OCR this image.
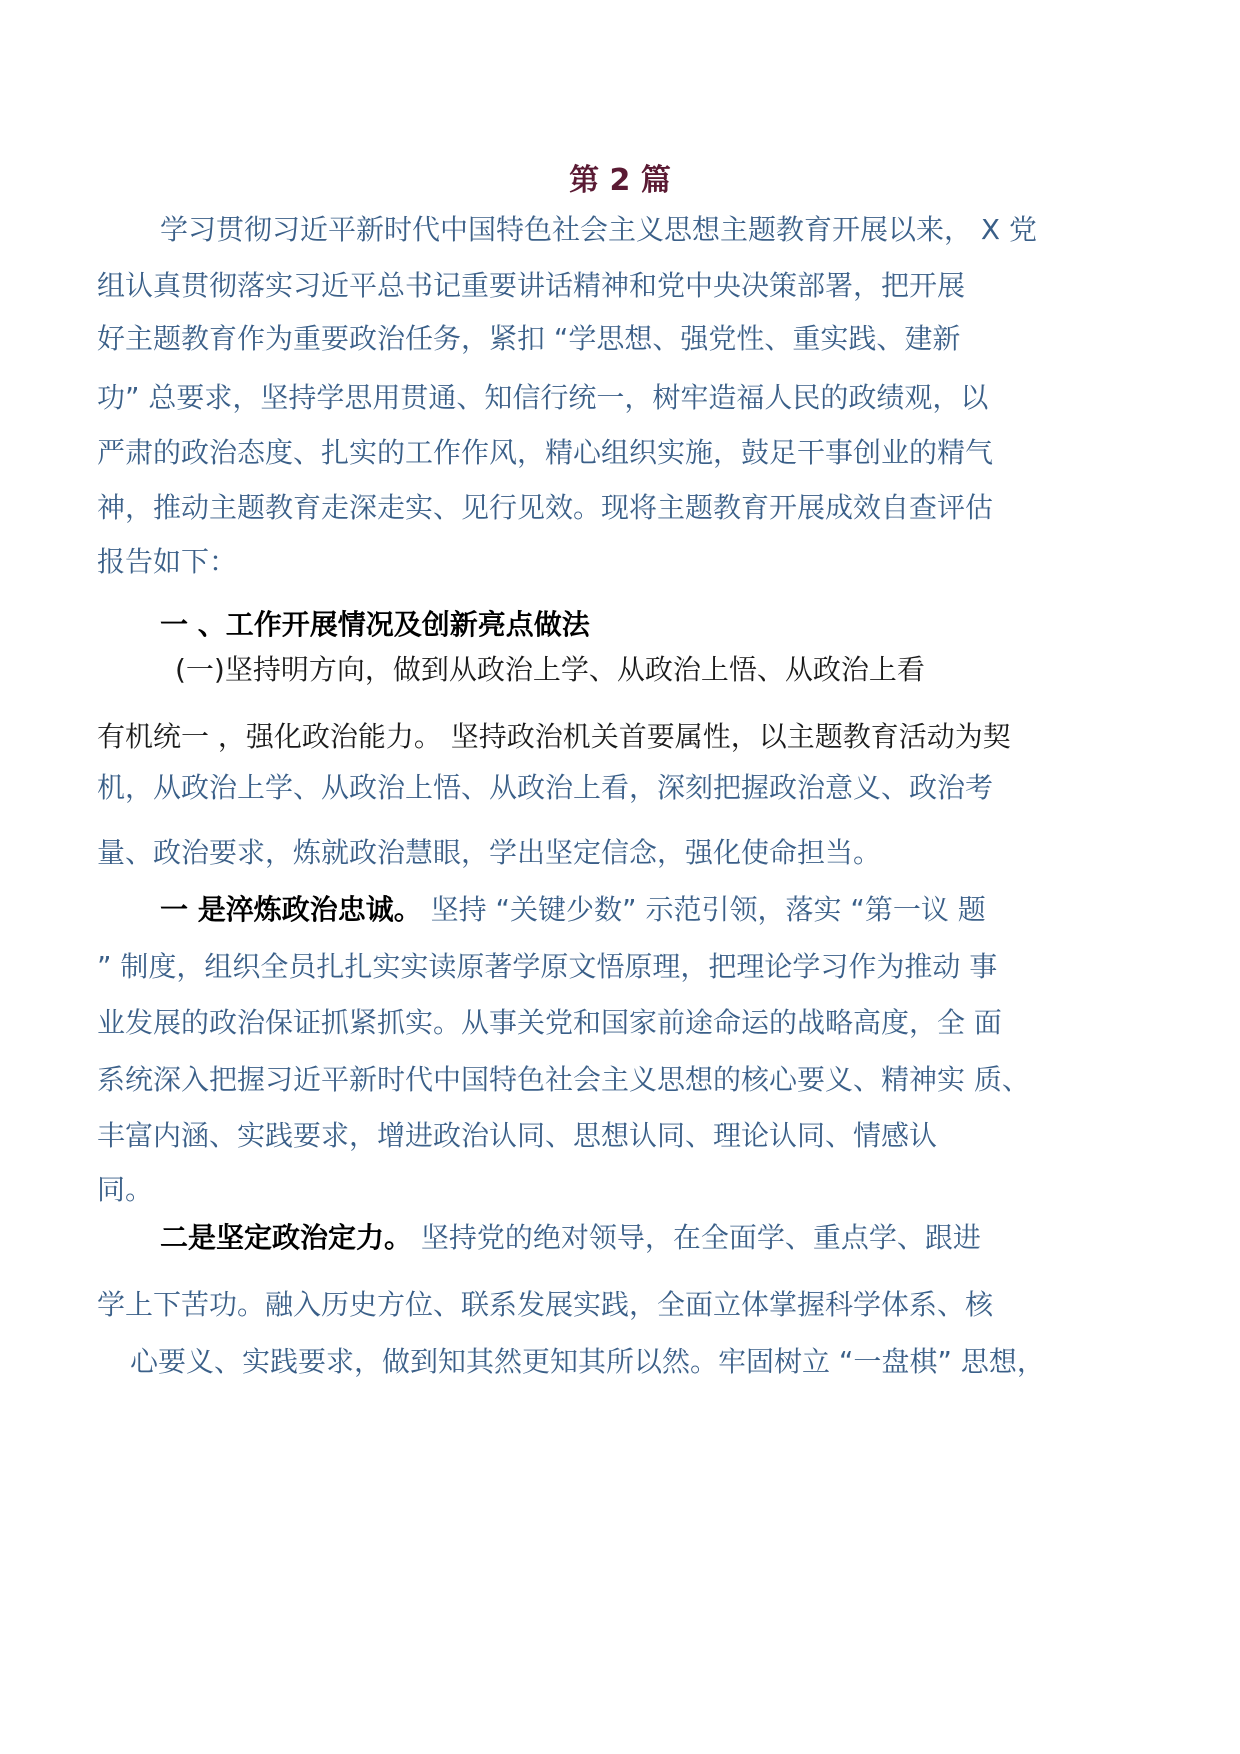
第 2 篇
学习贯彻习近平新时代中国特色社会主义思想主题教育开展以来， X 党
组认真贯彻落实习近平总书记重要讲话精神和党中央决策部署，把开展
好主题教育作为重要政治任务，紧扣 “学思想、强党性、重实践、建新
功” 总要求，坚持学思用贯通、知信行统一，树牢造福人民的政绩观，以
严肃的政治态度、扎实的工作作风，精心组织实施，鼓足干事创业的精气
神，推动主题教育走深走实、见行见效。现将主题教育开展成效自查评估
报告如下：
一 、工作开展情况及创新亮点做法
(一)坚持明方向，做到从政治上学、从政治上悟、从政治上看
有机统一 ，强化政治能力。 坚持政治机关首要属性，以主题教育活动为契
机，从政治上学、从政治上悟、从政治上看，深刻把握政治意义、政治考
量、政治要求，炼就政治慧眼，学出坚定信念，强化使命担当。
一 是淬炼政治忠诚。 坚持 “关键少数” 示范引领，落实 “第一议 题
” 制度，组织全员扎扎实实读原著学原文悟原理，把理论学习作为推动 事
业发展的政治保证抓紧抓实。从事关党和国家前途命运的战略高度，全 面
系统深入把握习近平新时代中国特色社会主义思想的核心要义、精神实 质、
丰富内涵、实践要求，增进政治认同、思想认同、理论认同、情感认
同。
二是坚定政治定力。 坚持党的绝对领导，在全面学、重点学、跟进
学上下苦功。融入历史方位、联系发展实践，全面立体掌握科学体系、核
心要义、实践要求，做到知其然更知其所以然。牢固树立 “一盘棋” 思想，
